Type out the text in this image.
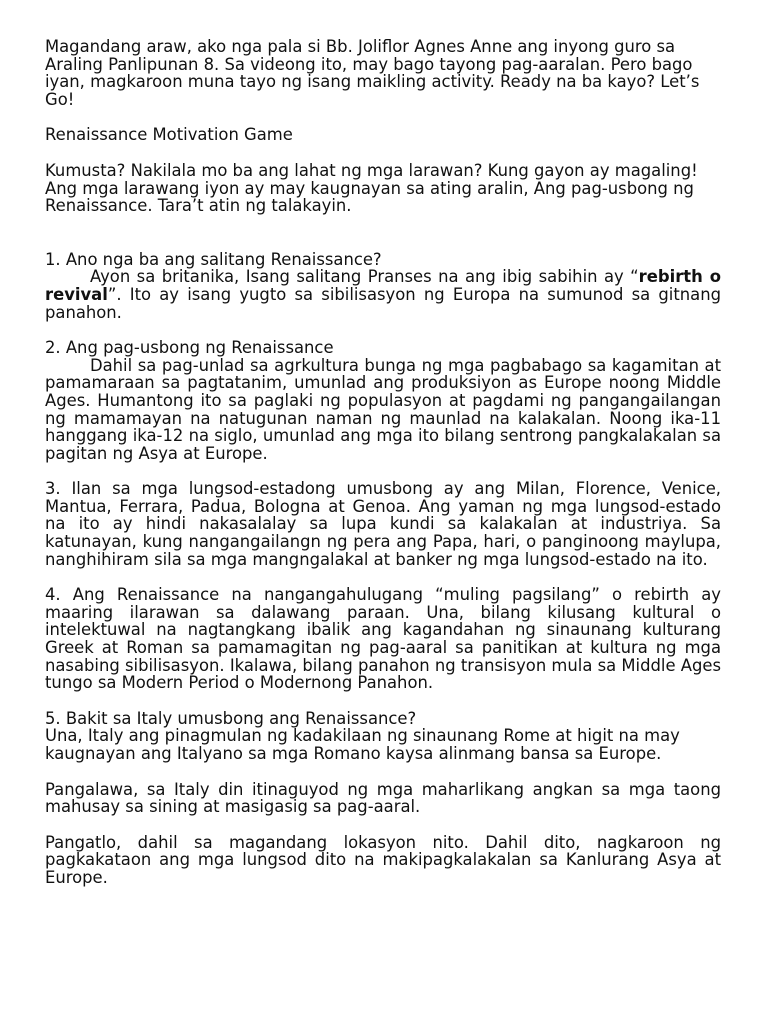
Magandang araw, ako nga pala si Bb. Joliflor Agnes Anne ang inyong guro sa Araling Panlipunan 8. Sa videong ito, may bago tayong pag-aaralan. Pero bago iyan, magkaroon muna tayo ng isang maikling activity. Ready na ba kayo? Let’s Go!

Renaissance Motivation Game

Kumusta? Nakilala mo ba ang lahat ng mga larawan? Kung gayon ay magaling! Ang mga larawang iyon ay may kaugnayan sa ating aralin, Ang pag-usbong ng Renaissance. Tara’t atin ng talakayin.

1. Ano nga ba ang salitang Renaissance?

Ayon sa britanika, Isang salitang Pranses na ang ibig sabihin ay “rebirth o revival”. Ito ay isang yugto sa sibilisasyon ng Europa na sumunod sa gitnang panahon.

2. Ang pag-usbong ng Renaissance

Dahil sa pag-unlad sa agrkultura bunga ng mga pagbabago sa kagamitan at pamamaraan sa pagtatanim, umunlad ang produksiyon as Europe noong Middle Ages. Humantong ito sa paglaki ng populasyon at pagdami ng pangangailangan ng mamamayan na natugunan naman ng maunlad na kalakalan. Noong ika-11 hanggang ika-12 na siglo, umunlad ang mga ito bilang sentrong pangkalakalan sa pagitan ng Asya at Europe.

3. Ilan sa mga lungsod-estadong umusbong ay ang Milan, Florence, Venice, Mantua, Ferrara, Padua, Bologna at Genoa. Ang yaman ng mga lungsod-estado na ito ay hindi nakasalalay sa lupa kundi sa kalakalan at industriya. Sa katunayan, kung nangangailangn ng pera ang Papa, hari, o panginoong maylupa, nanghihiram sila sa mga mangngalakal at banker ng mga lungsod-estado na ito.

4. Ang Renaissance na nangangahulugang “muling pagsilang” o rebirth ay maaring ilarawan sa dalawang paraan. Una, bilang kilusang kultural o intelektuwal na nagtangkang ibalik ang kagandahan ng sinaunang kulturang Greek at Roman sa pamamagitan ng pag-aaral sa panitikan at kultura ng mga nasabing sibilisasyon. Ikalawa, bilang panahon ng transisyon mula sa Middle Ages tungo sa Modern Period o Modernong Panahon.

5. Bakit sa Italy umusbong ang Renaissance?

Una, Italy ang pinagmulan ng kadakilaan ng sinaunang Rome at higit na may kaugnayan ang Italyano sa mga Romano kaysa alinmang bansa sa Europe.

Pangalawa, sa Italy din itinaguyod ng mga maharlikang angkan sa mga taong mahusay sa sining at masigasig sa pag-aaral.

Pangatlo, dahil sa magandang lokasyon nito. Dahil dito, nagkaroon ng pagkakataon ang mga lungsod dito na makipagkalakalan sa Kanlurang Asya at Europe.
